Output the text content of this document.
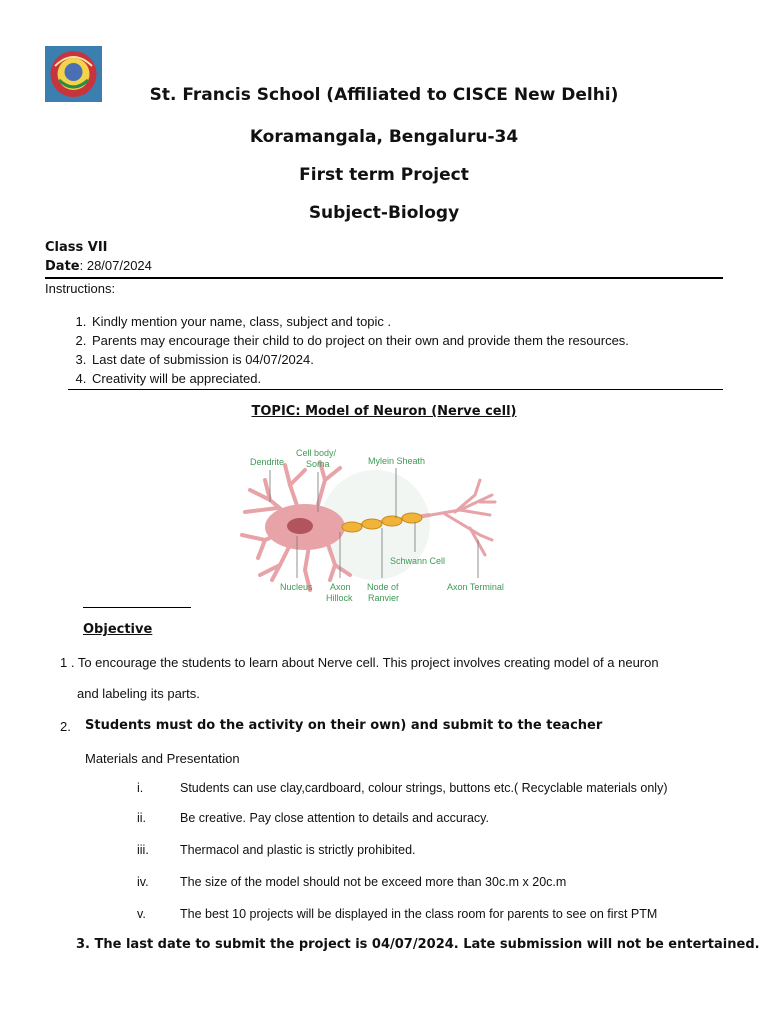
St. Francis School (Affiliated to CISCE New Delhi)
Koramangala, Bengaluru-34
First term Project
Subject-Biology
Class VII
Date: 28/07/2024
Instructions:
1. Kindly mention your name, class, subject and topic .
2. Parents may encourage their child to do project on their own and provide them the resources.
3. Last date of submission is 04/07/2024.
4. Creativity will be appreciated.
TOPIC: Model of Neuron (Nerve cell)
Dendrite
Cell body/
Soma	Mylein Sheath
Schwann Cell
Nucleus Axon
Hillock
Node of
Ranvier
Axon Terminal
Objective
1 . To encourage the students to learn about Nerve cell. This project involves creating model of a neuron
and labeling its parts.
2. Students must do the activity on their own) and submit to the teacher
Materials and Presentation
i.	Students can use clay,cardboard, colour strings, buttons etc.( Recyclable materials only)
ii.	Be creative. Pay close attention to details and accuracy.
iii. Thermacol and plastic is strictly prohibited.
iv.	The size of the model should not be exceed more than 30c.m x 20c.m
v.	The best 10 projects will be displayed in the class room for parents to see on first PTM
3. The last date to submit the project is 04/07/2024. Late submission will not be entertained.
